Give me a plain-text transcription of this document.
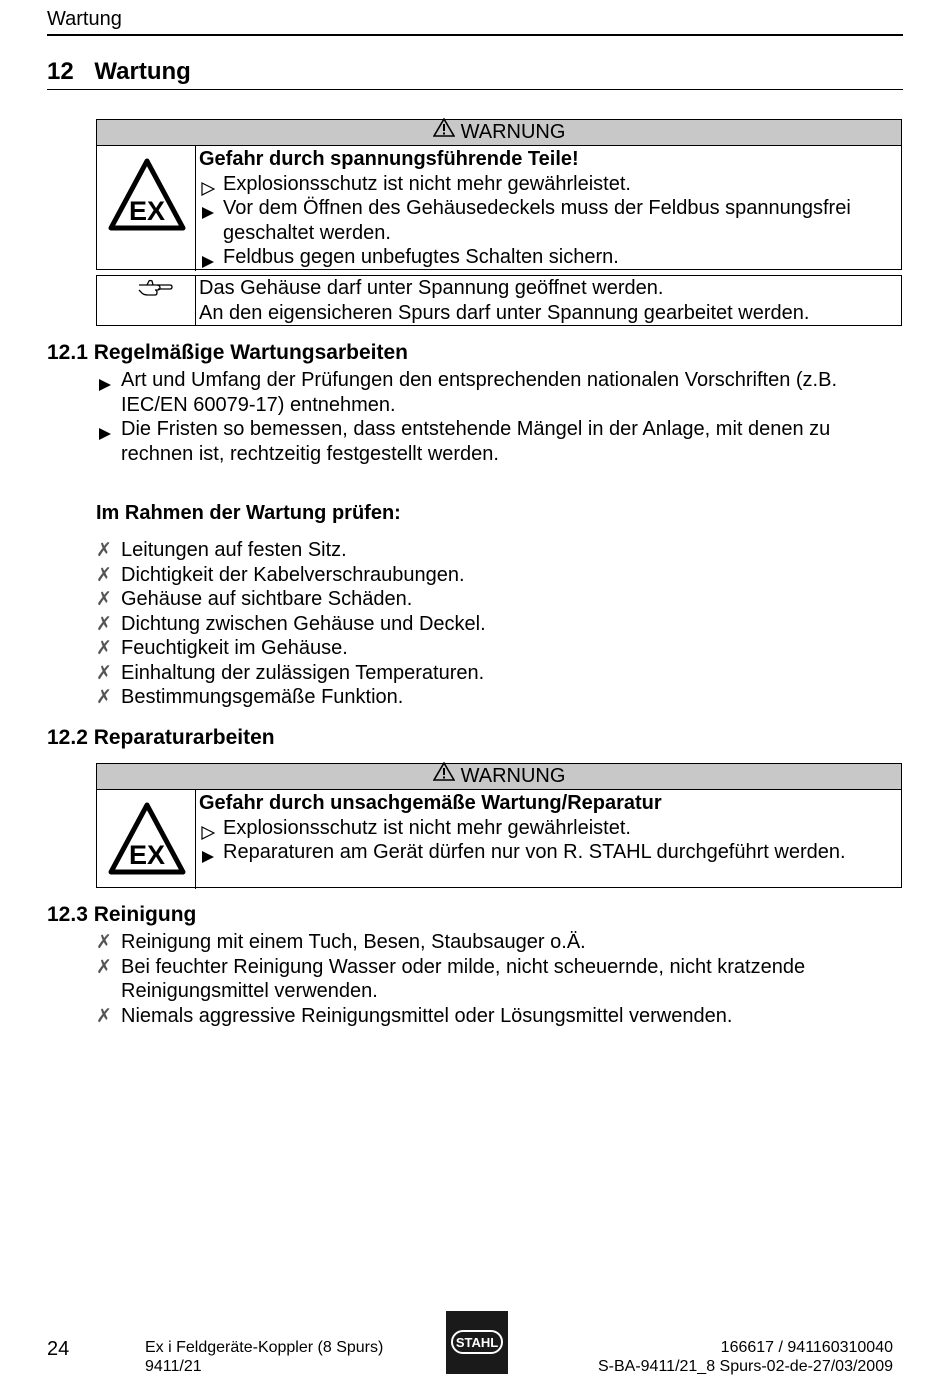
Wartung
12 Wartung
WARNUNG
EX
Gefahr durch spannungsführende Teile!
Explosionsschutz ist nicht mehr gewährleistet.
Vor dem Öffnen des Gehäusedeckels muss der Feldbus spannungsfrei geschaltet werden.
Feldbus gegen unbefugtes Schalten sichern.
Das Gehäuse darf unter Spannung geöffnet werden.
An den eigensicheren Spurs darf unter Spannung gearbeitet werden.
12.1 Regelmäßige Wartungsarbeiten
Art und Umfang der Prüfungen den entsprechenden nationalen Vorschriften (z.B. IEC/EN 60079-17) entnehmen.
Die Fristen so bemessen, dass entstehende Mängel in der Anlage, mit denen zu rechnen ist, rechtzeitig festgestellt werden.
Im Rahmen der Wartung prüfen:
✗ Leitungen auf festen Sitz.
✗ Dichtigkeit der Kabelverschraubungen.
✗ Gehäuse auf sichtbare Schäden.
✗ Dichtung zwischen Gehäuse und Deckel.
✗ Feuchtigkeit im Gehäuse.
✗ Einhaltung der zulässigen Temperaturen.
✗ Bestimmungsgemäße Funktion.
12.2 Reparaturarbeiten
WARNUNG
EX
Gefahr durch unsachgemäße Wartung/Reparatur
Explosionsschutz ist nicht mehr gewährleistet.
Reparaturen am Gerät dürfen nur von R. STAHL durchgeführt werden.
12.3 Reinigung
✗ Reinigung mit einem Tuch, Besen, Staubsauger o.Ä.
✗ Bei feuchter Reinigung Wasser oder milde, nicht scheuernde, nicht kratzende Reinigungsmittel verwenden.
✗ Niemals aggressive Reinigungsmittel oder Lösungsmittel verwenden.
24	Ex i Feldgeräte-Koppler (8 Spurs)
9411/21
STAHL	166617 / 941160310040
S-BA-9411/21_8 Spurs-02-de-27/03/2009
